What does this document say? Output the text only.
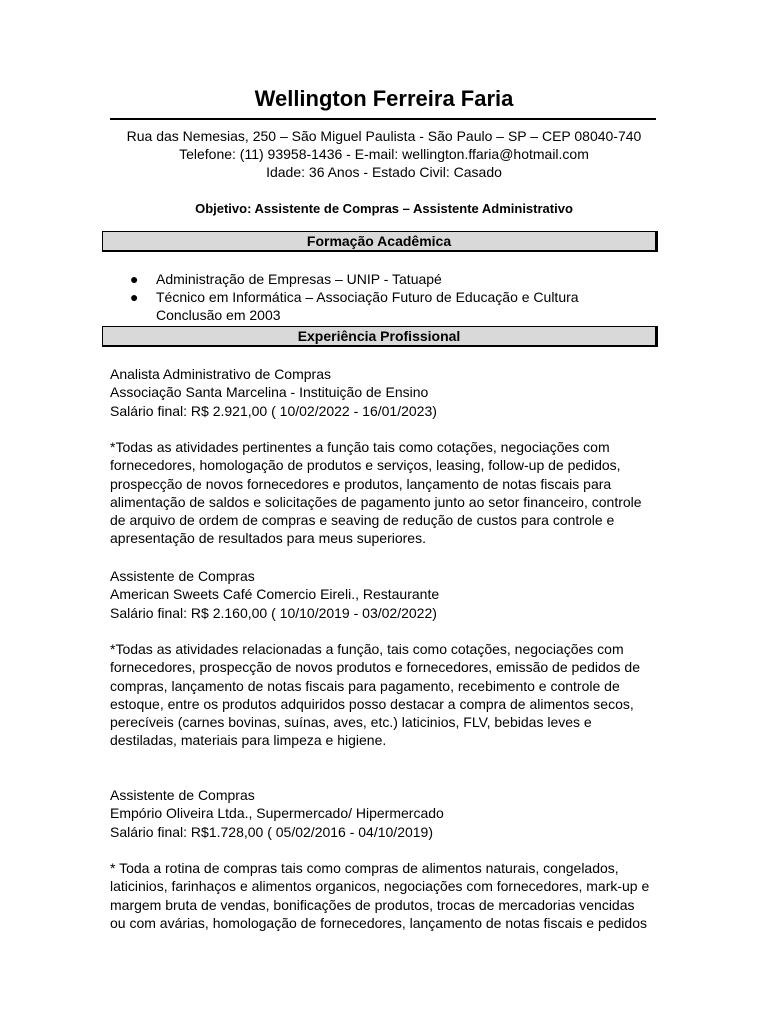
Wellington Ferreira Faria
Rua das Nemesias, 250 – São Miguel Paulista - São Paulo – SP – CEP 08040-740
Telefone: (11) 93958-1436 - E-mail: wellington.ffaria@hotmail.com
Idade: 36 Anos - Estado Civil: Casado
Objetivo: Assistente de Compras – Assistente Administrativo
Formação Acadêmica
● Administração de Empresas – UNIP - Tatuapé
● Técnico em Informática – Associação Futuro de Educação e Cultura
Conclusão em 2003
Experiência Profissional

Analista Administrativo de Compras

Associação Santa Marcelina - Instituição de Ensino

Salário final: R$ 2.921,00 ( 10/02/2022 - 16/01/2023)

*Todas as atividades pertinentes a função tais como cotações, negociações com

fornecedores, homologação de produtos e serviços, leasing, follow-up de pedidos,

prospecção de novos fornecedores e produtos, lançamento de notas fiscais para

alimentação de saldos e solicitações de pagamento junto ao setor financeiro, controle

de arquivo de ordem de compras e seaving de redução de custos para controle e

apresentação de resultados para meus superiores.

Assistente de Compras

American Sweets Café Comercio Eireli., Restaurante

Salário final: R$ 2.160,00 ( 10/10/2019 - 03/02/2022)

*Todas as atividades relacionadas a função, tais como cotações, negociações com

fornecedores, prospecção de novos produtos e fornecedores, emissão de pedidos de

compras, lançamento de notas fiscais para pagamento, recebimento e controle de

estoque, entre os produtos adquiridos posso destacar a compra de alimentos secos,

perecíveis (carnes bovinas, suínas, aves, etc.) laticinios, FLV, bebidas leves e

destiladas, materiais para limpeza e higiene.

Assistente de Compras

Empório Oliveira Ltda., Supermercado/ Hipermercado

Salário final: R$1.728,00 ( 05/02/2016 - 04/10/2019)

* Toda a rotina de compras tais como compras de alimentos naturais, congelados,

laticinios, farinhaços e alimentos organicos, negociações com fornecedores, mark-up e

margem bruta de vendas, bonificações de produtos, trocas de mercadorias vencidas

ou com avárias, homologação de fornecedores, lançamento de notas fiscais e pedidos
